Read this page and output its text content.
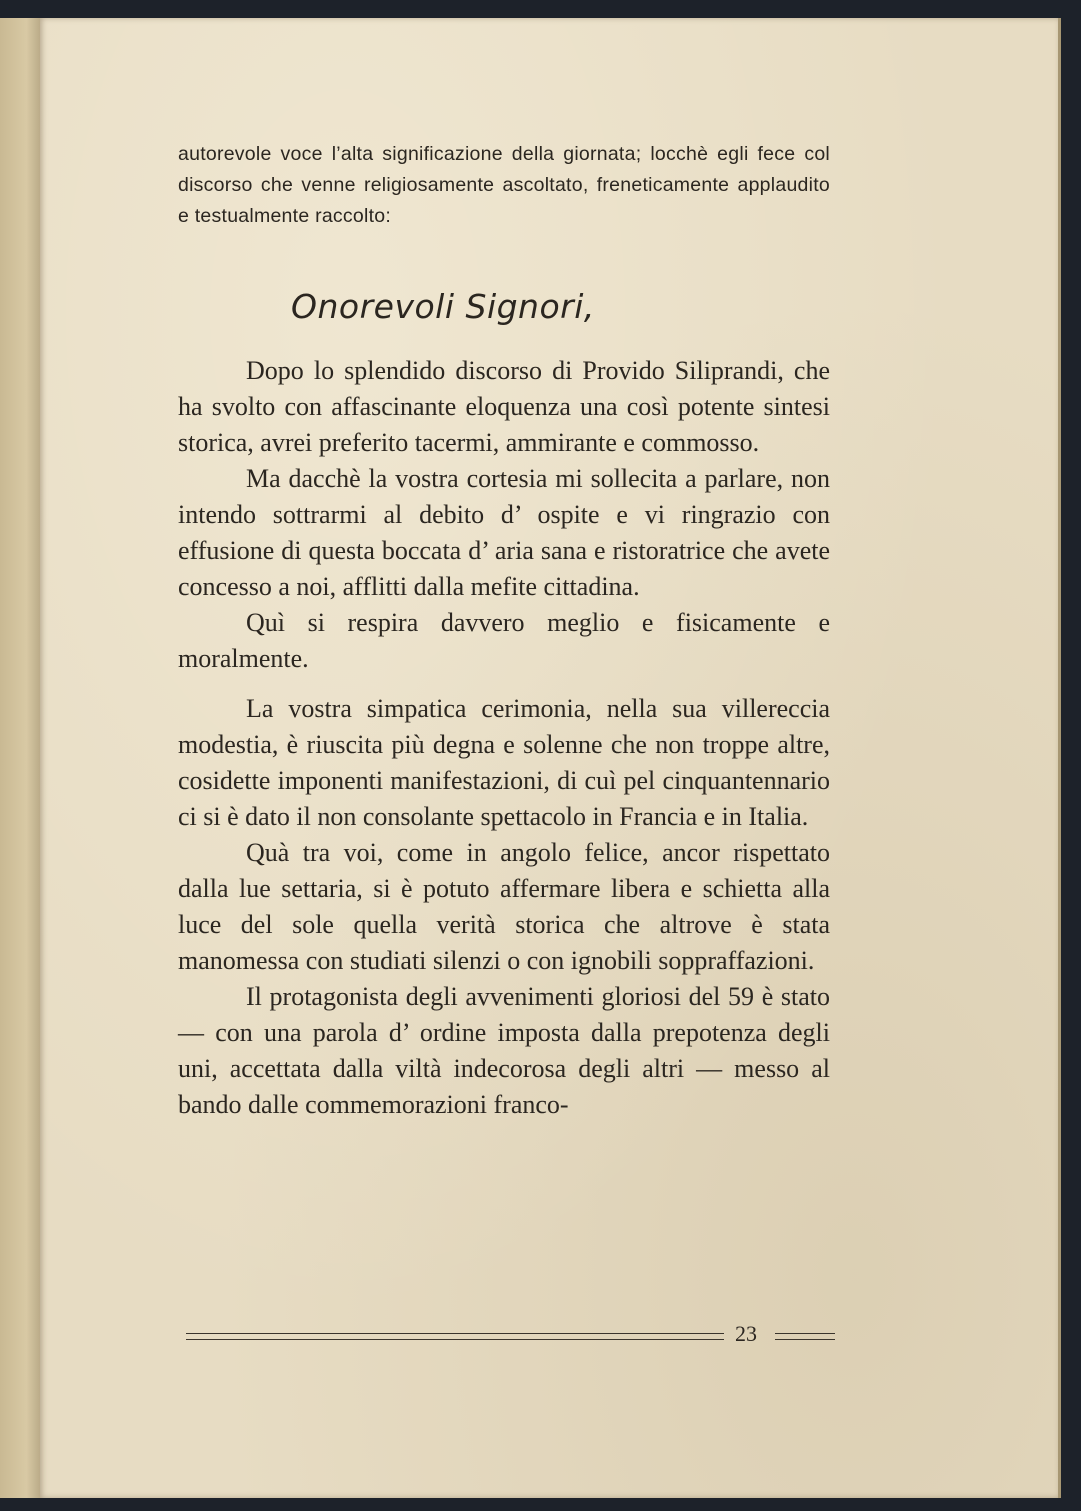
autorevole voce l’alta significazione della giornata; locchè egli fece col discorso che venne religiosamente ascoltato, freneticamente applaudito e testualmente raccolto:

Onorevoli Signori,

Dopo lo splendido discorso di Provido Siliprandi, che ha svolto con affascinante eloquenza una così potente sintesi storica, avrei preferito tacermi, ammirante e commosso.

Ma dacchè la vostra cortesia mi sollecita a parlare, non intendo sottrarmi al debito d’ ospite e vi ringrazio con effusione di questa boccata d’ aria sana e ristoratrice che avete concesso a noi, afflitti dalla mefite cittadina.

Quì si respira davvero meglio e fisicamente e moralmente.

La vostra simpatica cerimonia, nella sua villereccia modestia, è riuscita più degna e solenne che non troppe altre, cosidette imponenti manifestazioni, di cuì pel cinquantennario ci si è dato il non consolante spettacolo in Francia e in Italia.

Quà tra voi, come in angolo felice, ancor rispettato dalla lue settaria, si è potuto affermare libera e schietta alla luce del sole quella verità storica che altrove è stata manomessa con studiati silenzi o con ignobili soppraffazioni.

Il protagonista degli avvenimenti gloriosi del 59 è stato — con una parola d’ ordine imposta dalla prepotenza degli uni, accettata dalla viltà indecorosa degli altri — messo al bando dalle commemorazioni franco-

23
